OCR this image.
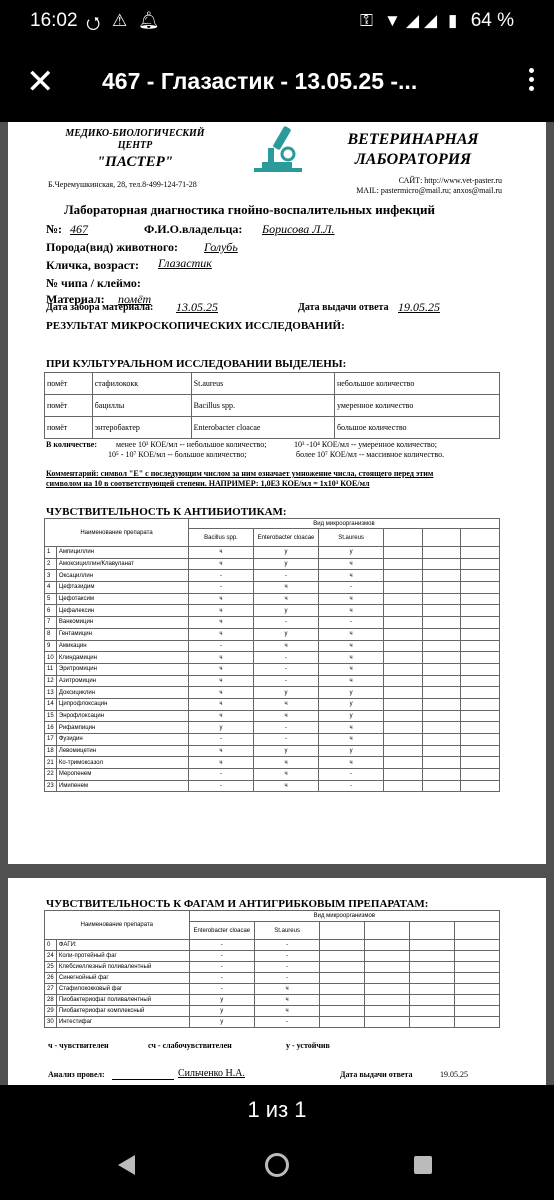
16:02 ⭯ ⚠ 🔔︎	⚿ ▼ ◢ ◢ ▮ 64 %
✕ 467 - Глазастик - 13.05.25 -...
МЕДИКО-БИОЛОГИЧЕСКИЙ
ЦЕНТР
"ПАСТЕР"
ВЕТЕРИНАРНАЯ
ЛАБОРАТОРИЯ
Б.Черемушкинская, 28, тел.8-499-124-71-28	САЙТ: http://www.vet-paster.ru
MAIL: pastermicro@mail.ru; anxos@mail.ru
Лабораторная диагностика гнойно-воспалительных инфекций
№: 467	Ф.И.О.владельца: Борисова Л.Л.
Порода(вид) животного: Голубь
Кличка, возраст: Глазастик
№ чипа / клеймо:
Материал: помёт
Дата забора материала: 13.05.25	Дата выдачи ответа 19.05.25
РЕЗУЛЬТАТ МИКРОСКОПИЧЕСКИХ ИССЛЕДОВАНИЙ:
ПРИ КУЛЬТУРАЛЬНОМ ИССЛЕДОВАНИИ ВЫДЕЛЕНЫ:
помёт	стафилококк	St.aureus	небольшое количество
помёт	бациллы	Bacillus spp.	умеренное количество
помёт	энтеробактер	Enterobacter cloacae	большое количество
В количестве: менее 10³ КОЕ/мл -- небольшое количество;	10³ -10⁴ КОЕ/мл -- умеренное количество;
10⁵ - 10⁷ КОЕ/мл -- большое количество;	более 10⁷ КОЕ/мл -- массивное количество.
Комментарий: символ "Е" с последующим числом за ним означает умножение числа, стоящего перед этим
символом на 10 в соответствующей степени. НАПРИМЕР: 1,0Е3 КОЕ/мл = 1х10³ КОЕ/мл
ЧУВСТВИТЕЛЬНОСТЬ К АНТИБИОТИКАМ:
Наименование препарата		Вид микроорганизмов					
		Bacillus spp.	Enterobacter cloacae	St.aureus			
1	Ампициллин	ч	у	у			
2	Амоксициллин/Клавуланат	ч	у	ч			
3	Оксациллин	-	-	ч			
4	Цефтазидим	-	ч	-			
5	Цефотаксим	ч	ч	ч			
6	Цефалексин	ч	у	ч			
7	Ванкомицин	ч	-	-			
8	Гентамицин	ч	у	ч			
9	Амикацин	-	ч	ч			
10	Клиндамицин	ч	-	ч			
11	Эритромицин	ч	-	ч			
12	Азитромицин	ч	-	ч			
13	Доксициклин	ч	у	у			
14	Ципрофлоксацин	ч	ч	у			
15	Энрофлоксацин	ч	ч	у			
16	Рифампицин	у	-	ч			
17	Фузидин	-	-	ч			
18	Левомицетин	ч	у	у			
21	Ко-тримоксазол	ч	ч	ч			
22	Меропенем	-	ч	-			
23	Имипенем	-	ч	-			
ЧУВСТВИТЕЛЬНОСТЬ К ФАГАМ И АНТИГРИБКОВЫМ ПРЕПАРАТАМ:
Наименование препарата		Вид микроорганизмов					
		Enterobacter cloacae	St.aureus				
0	ФАГИ:	-	-				
24	Коли-протейный фаг	-	-				
25	Клебсиеллезный поливалентный	-	-				
26	Синегнойный фаг	-	-				
27	Стафилококковый фаг	-	ч				
28	Пиобактериофаг поливалентный	у	ч				
29	Пиобактериофаг комплексный	у	ч				
30	Интестифаг	у	-				
ч - чувствителен	сч - слабочувствителен	у - устойчив
Анализ провел:	Сильченко Н.А.	Дата выдачи ответа	19.05.25
1 из 1
